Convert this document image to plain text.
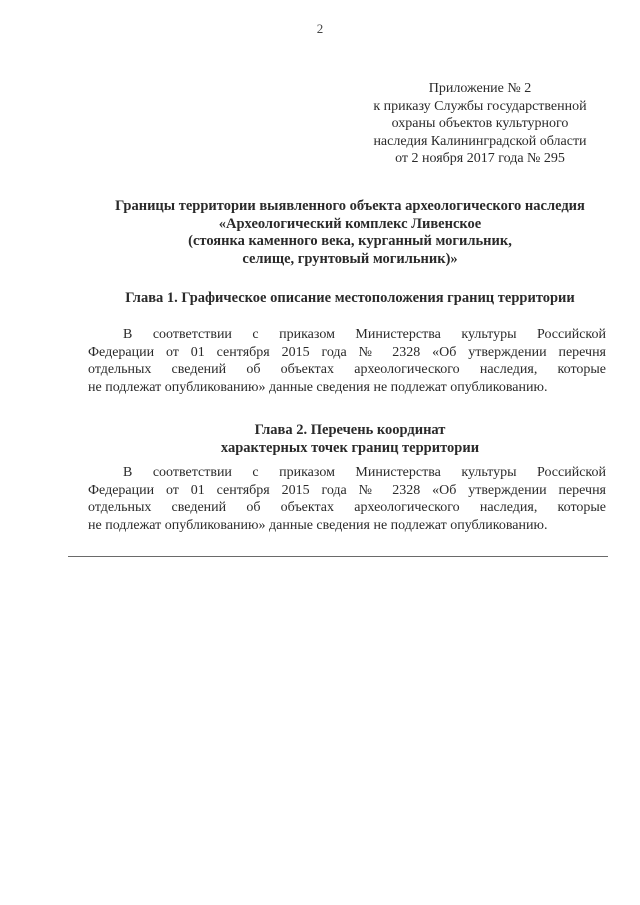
2
Приложение № 2
к приказу Службы государственной
охраны объектов культурного
наследия Калининградской области
от 2 ноября 2017 года № 295
Границы территории выявленного объекта археологического наследия
«Археологический комплекс Ливенское
(стоянка каменного века, курганный могильник,
селище, грунтовый могильник)»
Глава 1. Графическое описание местоположения границ территории
В соответствии с приказом Министерства культуры Российской
Федерации от 01 сентября 2015 года № 2328 «Об утверждении перечня
отдельных сведений об объектах археологического наследия, которые
не подлежат опубликованию» данные сведения не подлежат опубликованию.
Глава 2. Перечень координат
характерных точек границ территории
В соответствии с приказом Министерства культуры Российской
Федерации от 01 сентября 2015 года № 2328 «Об утверждении перечня
отдельных сведений об объектах археологического наследия, которые
не подлежат опубликованию» данные сведения не подлежат опубликованию.
